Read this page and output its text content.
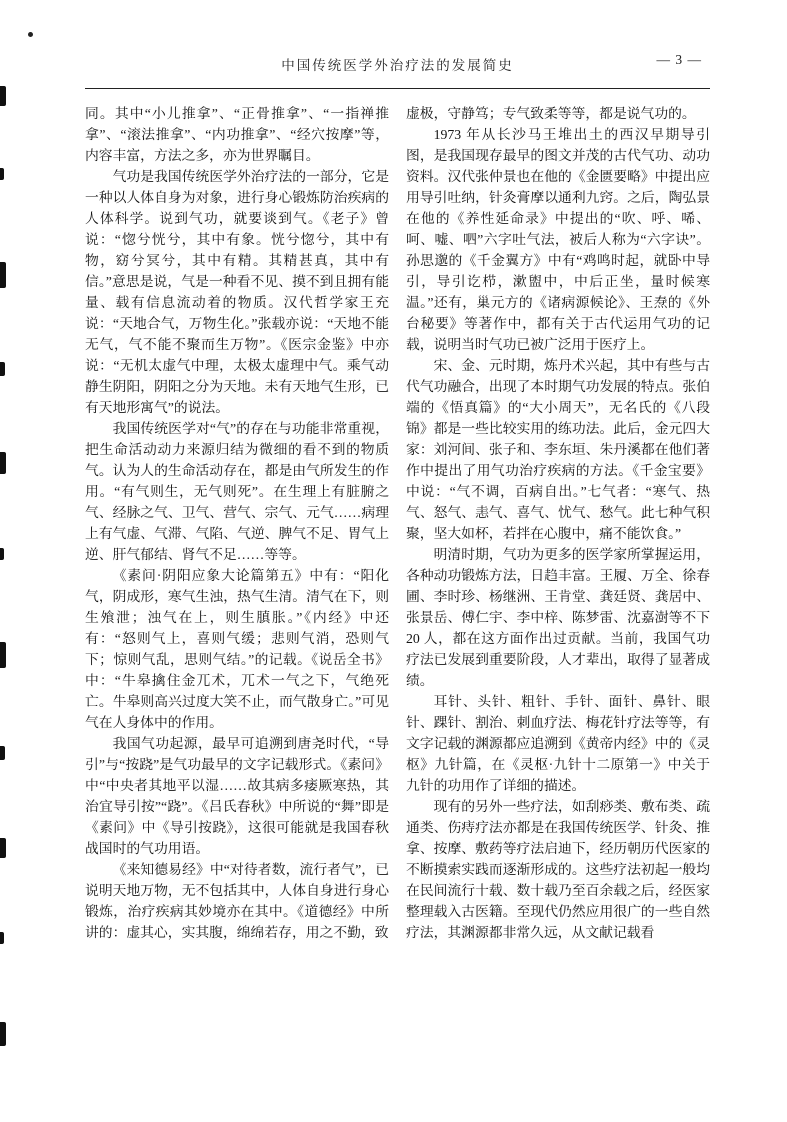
中国传统医学外治疗法的发展简史	— 3 —

同。其中“小儿推拿”、“正骨推拿”、“一指禅推拿”、“滚法推拿”、“内功推拿”、“经穴按摩”等，内容丰富，方法之多，亦为世界瞩目。

气功是我国传统医学外治疗法的一部分，它是一种以人体自身为对象，进行身心锻炼防治疾病的人体科学。说到气功，就要谈到气。《老子》曾说：“惚兮恍兮，其中有象。恍兮惚兮，其中有物，窈兮冥兮，其中有精。其精甚真，其中有信。”意思是说，气是一种看不见、摸不到且拥有能量、载有信息流动着的物质。汉代哲学家王充说：“天地合气，万物生化。”张载亦说：“天地不能无气，气不能不聚而生万物”。《医宗金鉴》中亦说：“无机太虚气中理，太极太虚理中气。乘气动静生阴阳，阴阳之分为天地。未有天地气生形，已有天地形寓气”的说法。

我国传统医学对“气”的存在与功能非常重视，把生命活动动力来源归结为微细的看不到的物质气。认为人的生命活动存在，都是由气所发生的作用。“有气则生，无气则死”。在生理上有脏腑之气、经脉之气、卫气、营气、宗气、元气……病理上有气虚、气滞、气陷、气逆、脾气不足、胃气上逆、肝气郁结、肾气不足……等等。

《素问·阴阳应象大论篇第五》中有：“阳化气，阴成形，寒气生浊，热气生清。清气在下，则生飧泄；浊气在上，则生䐜胀。”《内经》中还有：“怒则气上，喜则气缓；悲则气消，恐则气下；惊则气乱，思则气结。”的记载。《说岳全书》中：“牛皋擒住金兀术，兀术一气之下，气绝死亡。牛皋则高兴过度大笑不止，而气散身亡。”可见气在人身体中的作用。

我国气功起源，最早可追溯到唐尧时代，“导引”与“按跷”是气功最早的文字记载形式。《素问》中“中央者其地平以湿……故其病多痿厥寒热，其治宜导引按”“跷”。《吕氏春秋》中所说的“舞”即是《素问》中《导引按跷》，这很可能就是我国春秋战国时的气功用语。

《来知德易经》中“对待者数，流行者气”，已说明天地万物，无不包括其中，人体自身进行身心锻炼，治疗疾病其妙境亦在其中。《道德经》中所讲的：虚其心，实其腹，绵绵若存，用之不勤，致

虚极，守静笃；专气致柔等等，都是说气功的。

1973 年从长沙马王堆出土的西汉早期导引图，是我国现存最早的图文并茂的古代气功、动功资料。汉代张仲景也在他的《金匮要略》中提出应用导引吐纳，针灸膏摩以通利九窍。之后，陶弘景在他的《养性延命录》中提出的“吹、呼、唏、呵、嘘、呬”六字吐气法，被后人称为“六字诀”。孙思邈的《千金翼方》中有“鸡鸣时起，就卧中导引，导引讫栉，漱盥中，中后正坐，量时候寒温。”还有，巢元方的《诸病源候论》、王焘的《外台秘要》等著作中，都有关于古代运用气功的记载，说明当时气功已被广泛用于医疗上。

宋、金、元时期，炼丹术兴起，其中有些与古代气功融合，出现了本时期气功发展的特点。张伯端的《悟真篇》的“大小周天”，无名氏的《八段锦》都是一些比较实用的练功法。此后，金元四大家：刘河间、张子和、李东垣、朱丹溪都在他们著作中提出了用气功治疗疾病的方法。《千金宝要》中说：“气不调，百病自出。”七气者：“寒气、热气、怒气、恚气、喜气、忧气、愁气。此七种气积聚，坚大如杯，若拌在心腹中，痛不能饮食。”

明清时期，气功为更多的医学家所掌握运用，各种动功锻炼方法，日趋丰富。王履、万全、徐春圃、李时珍、杨继洲、王肯堂、龚廷贤、龚居中、张景岳、傅仁宇、李中梓、陈梦雷、沈嘉澍等不下 20 人，都在这方面作出过贡献。当前，我国气功疗法已发展到重要阶段，人才辈出，取得了显著成绩。

耳针、头针、粗针、手针、面针、鼻针、眼针、踝针、割治、刺血疗法、梅花针疗法等等，有文字记载的渊源都应追溯到《黄帝内经》中的《灵枢》九针篇，在《灵枢·九针十二原第一》中关于九针的功用作了详细的描述。

现有的另外一些疗法，如刮痧类、敷布类、疏通类、伤痔疗法亦都是在我国传统医学、针灸、推拿、按摩、敷药等疗法启迪下，经历朝历代医家的不断摸索实践而逐渐形成的。这些疗法初起一般均在民间流行十载、数十载乃至百余载之后，经医家整理载入古医籍。至现代仍然应用很广的一些自然疗法，其渊源都非常久远，从文献记载看
